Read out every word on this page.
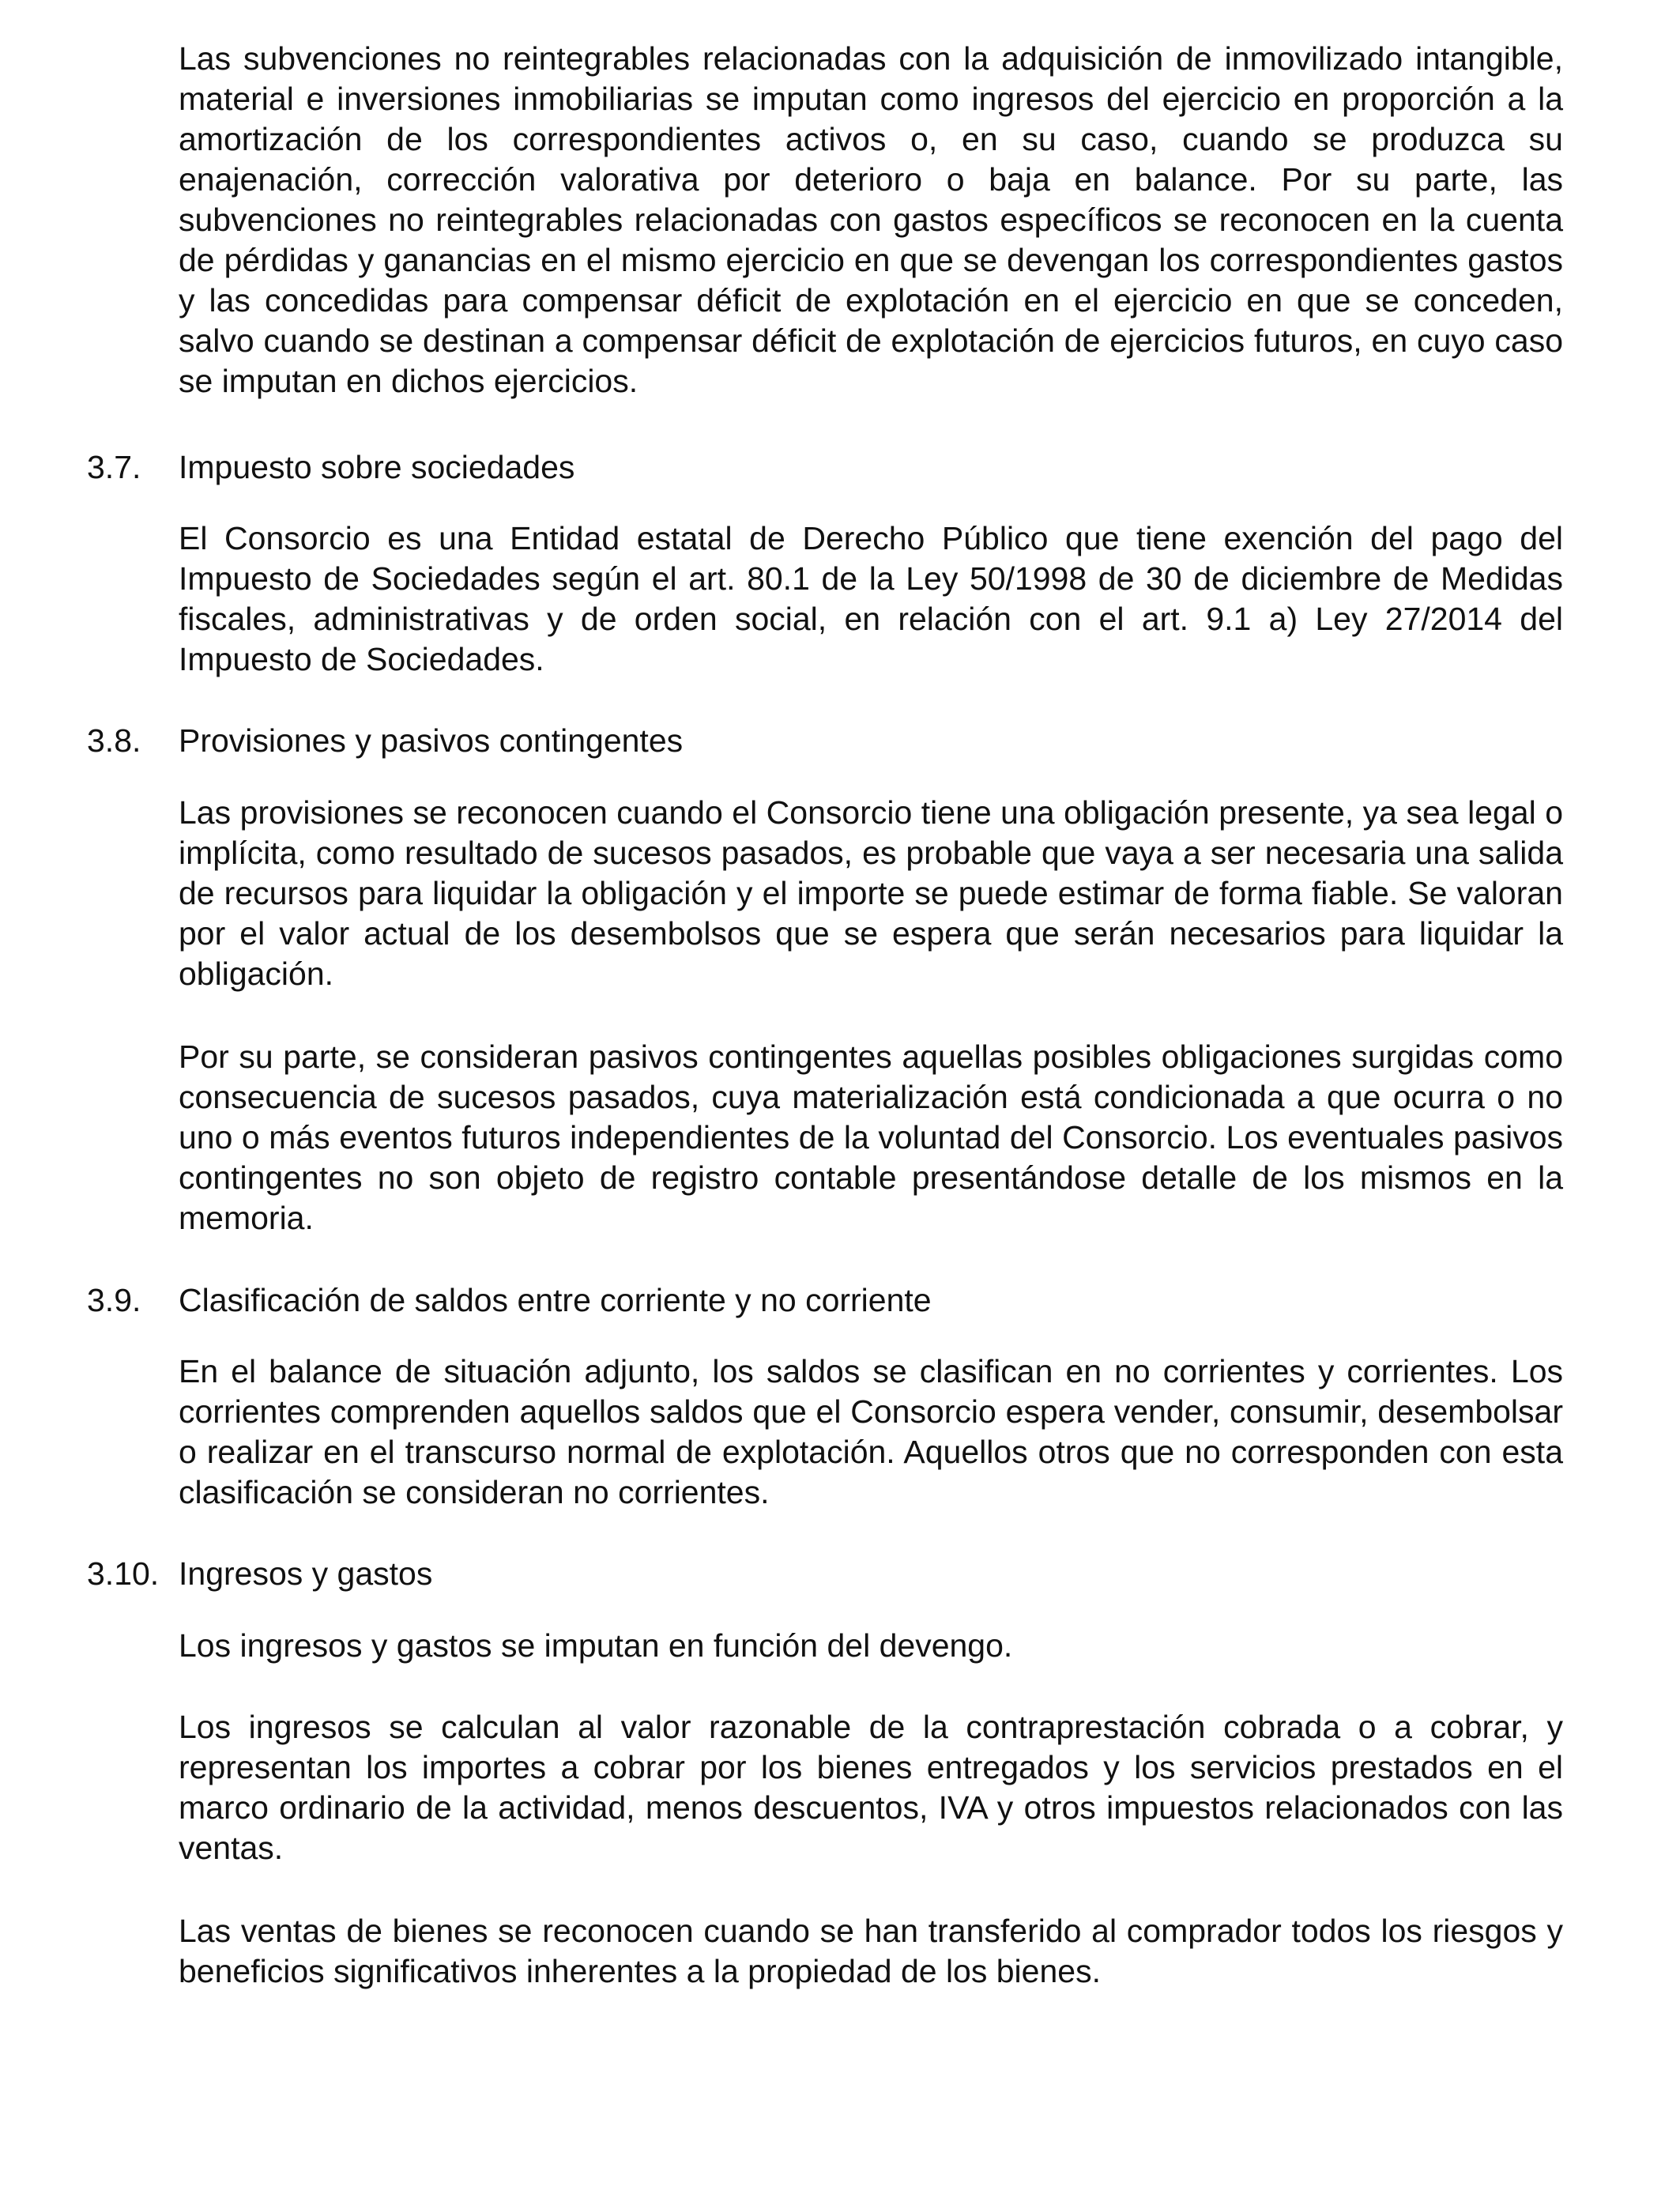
Las subvenciones no reintegrables relacionadas con la adquisición de inmovilizado intangible, material e inversiones inmobiliarias se imputan como ingresos del ejercicio en proporción a la amortización de los correspondientes activos o, en su caso, cuando se produzca su enajenación, corrección valorativa por deterioro o baja en balance. Por su parte, las subvenciones no reintegrables relacionadas con gastos específicos se reconocen en la cuenta de pérdidas y ganancias en el mismo ejercicio en que se devengan los correspondientes gastos y las concedidas para compensar déficit de explotación en el ejercicio en que se conceden, salvo cuando se destinan a compensar déficit de explotación de ejercicios futuros, en cuyo caso se imputan en dichos ejercicios.

3.7. Impuesto sobre sociedades

El Consorcio es una Entidad estatal de Derecho Público que tiene exención del pago del Impuesto de Sociedades según el art. 80.1 de la Ley 50/1998 de 30 de diciembre de Medidas fiscales, administrativas y de orden social, en relación con el art. 9.1 a) Ley 27/2014 del Impuesto de Sociedades.

3.8. Provisiones y pasivos contingentes

Las provisiones se reconocen cuando el Consorcio tiene una obligación presente, ya sea legal o implícita, como resultado de sucesos pasados, es probable que vaya a ser necesaria una salida de recursos para liquidar la obligación y el importe se puede estimar de forma fiable. Se valoran por el valor actual de los desembolsos que se espera que serán necesarios para liquidar la obligación.

Por su parte, se consideran pasivos contingentes aquellas posibles obligaciones surgidas como consecuencia de sucesos pasados, cuya materialización está condicionada a que ocurra o no uno o más eventos futuros independientes de la voluntad del Consorcio. Los eventuales pasivos contingentes no son objeto de registro contable presentándose detalle de los mismos en la memoria.

3.9. Clasificación de saldos entre corriente y no corriente

En el balance de situación adjunto, los saldos se clasifican en no corrientes y corrientes. Los corrientes comprenden aquellos saldos que el Consorcio espera vender, consumir, desembolsar o realizar en el transcurso normal de explotación. Aquellos otros que no corresponden con esta clasificación se consideran no corrientes.

3.10. Ingresos y gastos

Los ingresos y gastos se imputan en función del devengo.

Los ingresos se calculan al valor razonable de la contraprestación cobrada o a cobrar, y representan los importes a cobrar por los bienes entregados y los servicios prestados en el marco ordinario de la actividad, menos descuentos, IVA y otros impuestos relacionados con las ventas.

Las ventas de bienes se reconocen cuando se han transferido al comprador todos los riesgos y beneficios significativos inherentes a la propiedad de los bienes.
